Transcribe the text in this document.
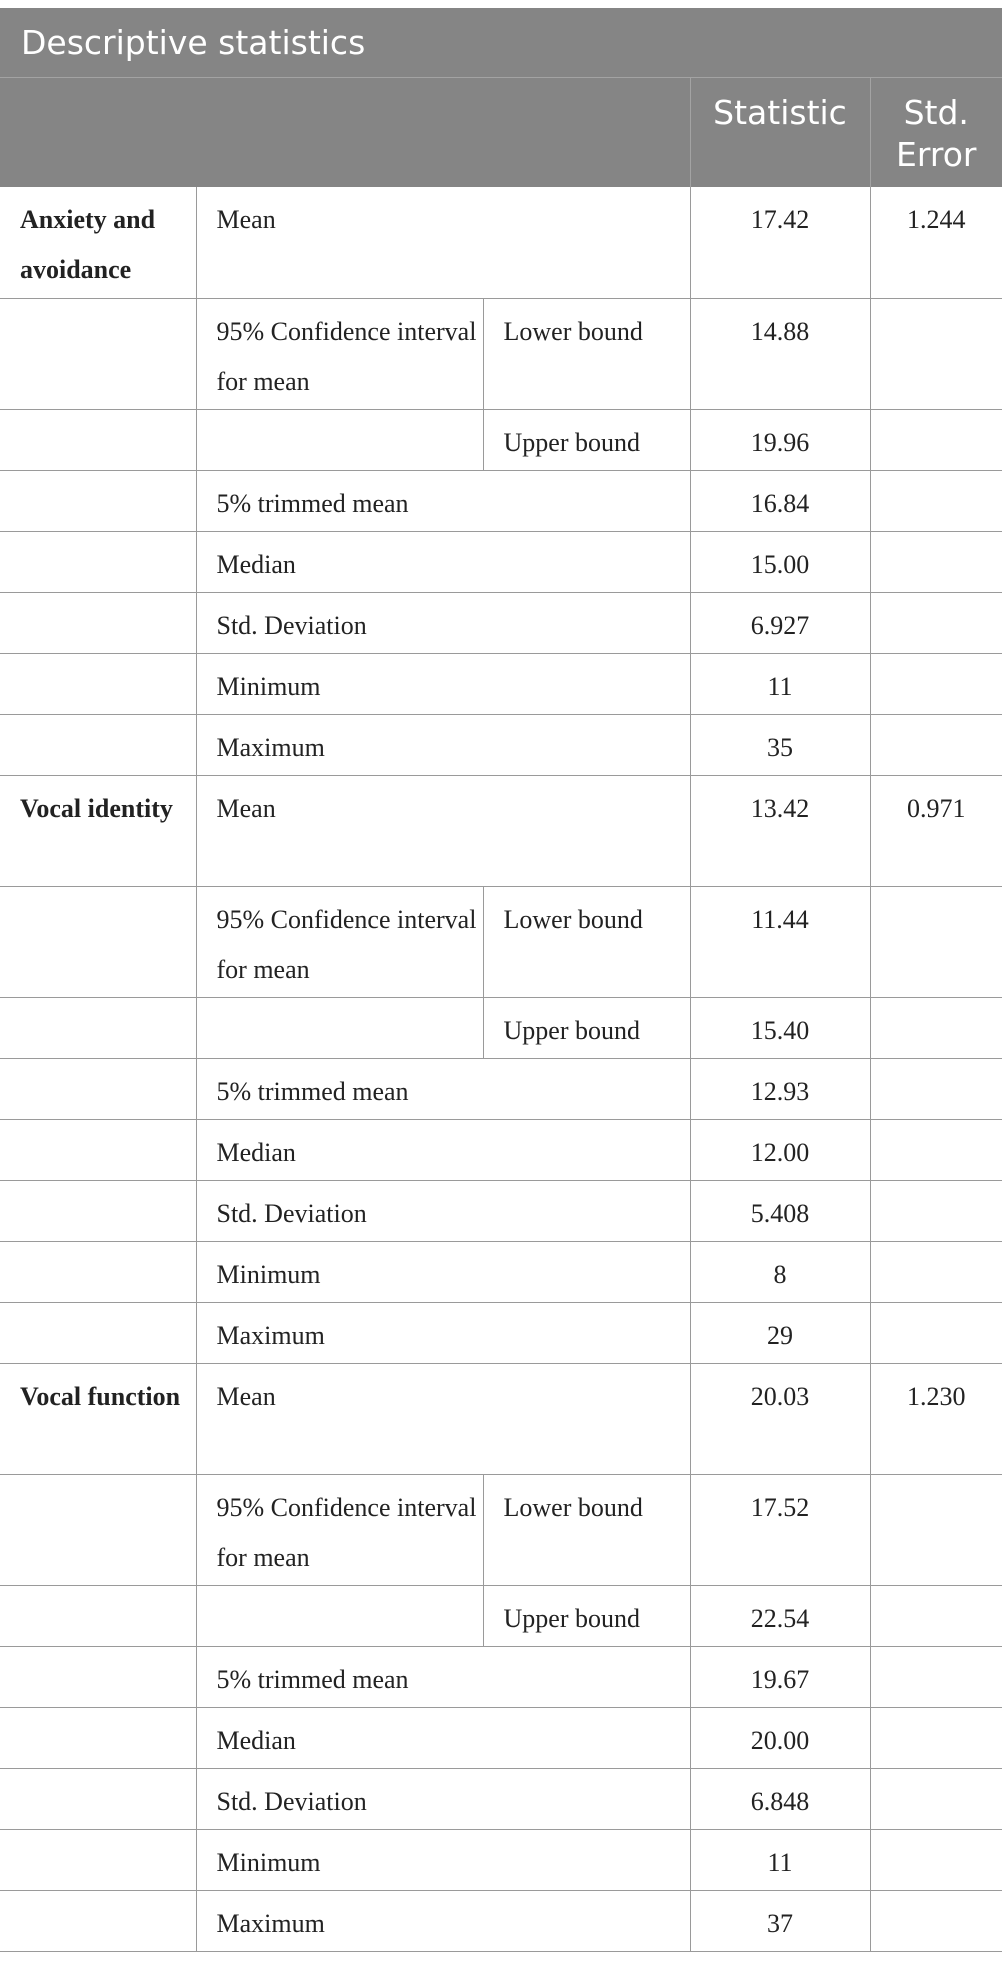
Descriptive statistics				
			Statistic	Std. Error
Anxiety and avoidance	Mean		17.42	1.244
	95% Confidence interval for mean	Lower bound	14.88	
		Upper bound	19.96	
	5% trimmed mean		16.84	
	Median		15.00	
	Std. Deviation		6.927	
	Minimum		11	
	Maximum		35	
Vocal identity	Mean		13.42	0.971
	95% Confidence interval for mean	Lower bound	11.44	
		Upper bound	15.40	
	5% trimmed mean		12.93	
	Median		12.00	
	Std. Deviation		5.408	
	Minimum		8	
	Maximum		29	
Vocal function	Mean		20.03	1.230
	95% Confidence interval for mean	Lower bound	17.52	
		Upper bound	22.54	
	5% trimmed mean		19.67	
	Median		20.00	
	Std. Deviation		6.848	
	Minimum		11	
	Maximum		37	
